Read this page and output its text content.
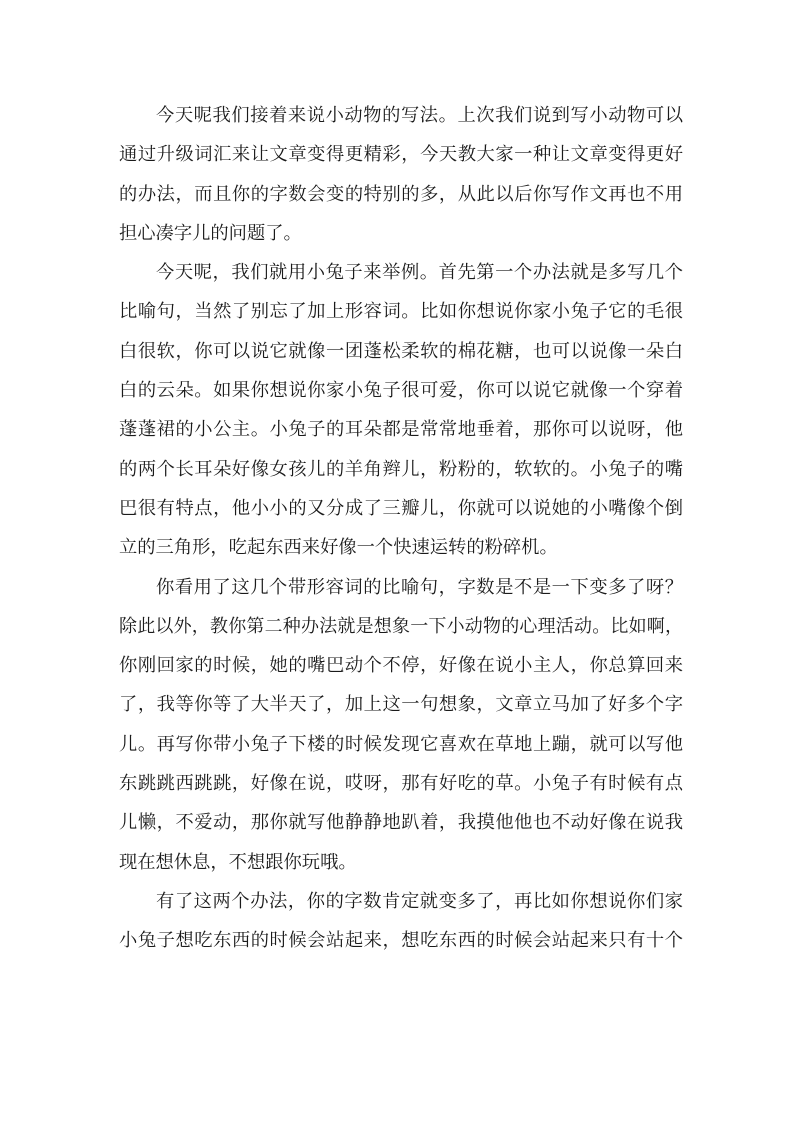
今天呢我们接着来说小动物的写法。上次我们说到写小动物可以
通过升级词汇来让文章变得更精彩，今天教大家一种让文章变得更好
的办法，而且你的字数会变的特别的多，从此以后你写作文再也不用
担心凑字儿的问题了。
今天呢，我们就用小兔子来举例。首先第一个办法就是多写几个
比喻句，当然了别忘了加上形容词。比如你想说你家小兔子它的毛很
白很软，你可以说它就像一团蓬松柔软的棉花糖，也可以说像一朵白
白的云朵。如果你想说你家小兔子很可爱，你可以说它就像一个穿着
蓬蓬裙的小公主。小兔子的耳朵都是常常地垂着，那你可以说呀，他
的两个长耳朵好像女孩儿的羊角辫儿，粉粉的，软软的。小兔子的嘴
巴很有特点，他小小的又分成了三瓣儿，你就可以说她的小嘴像个倒
立的三角形，吃起东西来好像一个快速运转的粉碎机。
你看用了这几个带形容词的比喻句，字数是不是一下变多了呀？
除此以外，教你第二种办法就是想象一下小动物的心理活动。比如啊，
你刚回家的时候，她的嘴巴动个不停，好像在说小主人，你总算回来
了，我等你等了大半天了，加上这一句想象，文章立马加了好多个字
儿。再写你带小兔子下楼的时候发现它喜欢在草地上蹦，就可以写他
东跳跳西跳跳，好像在说，哎呀，那有好吃的草。小兔子有时候有点
儿懒，不爱动，那你就写他静静地趴着，我摸他他也不动好像在说我
现在想休息，不想跟你玩哦。
有了这两个办法，你的字数肯定就变多了，再比如你想说你们家
小兔子想吃东西的时候会站起来，想吃东西的时候会站起来只有十个
